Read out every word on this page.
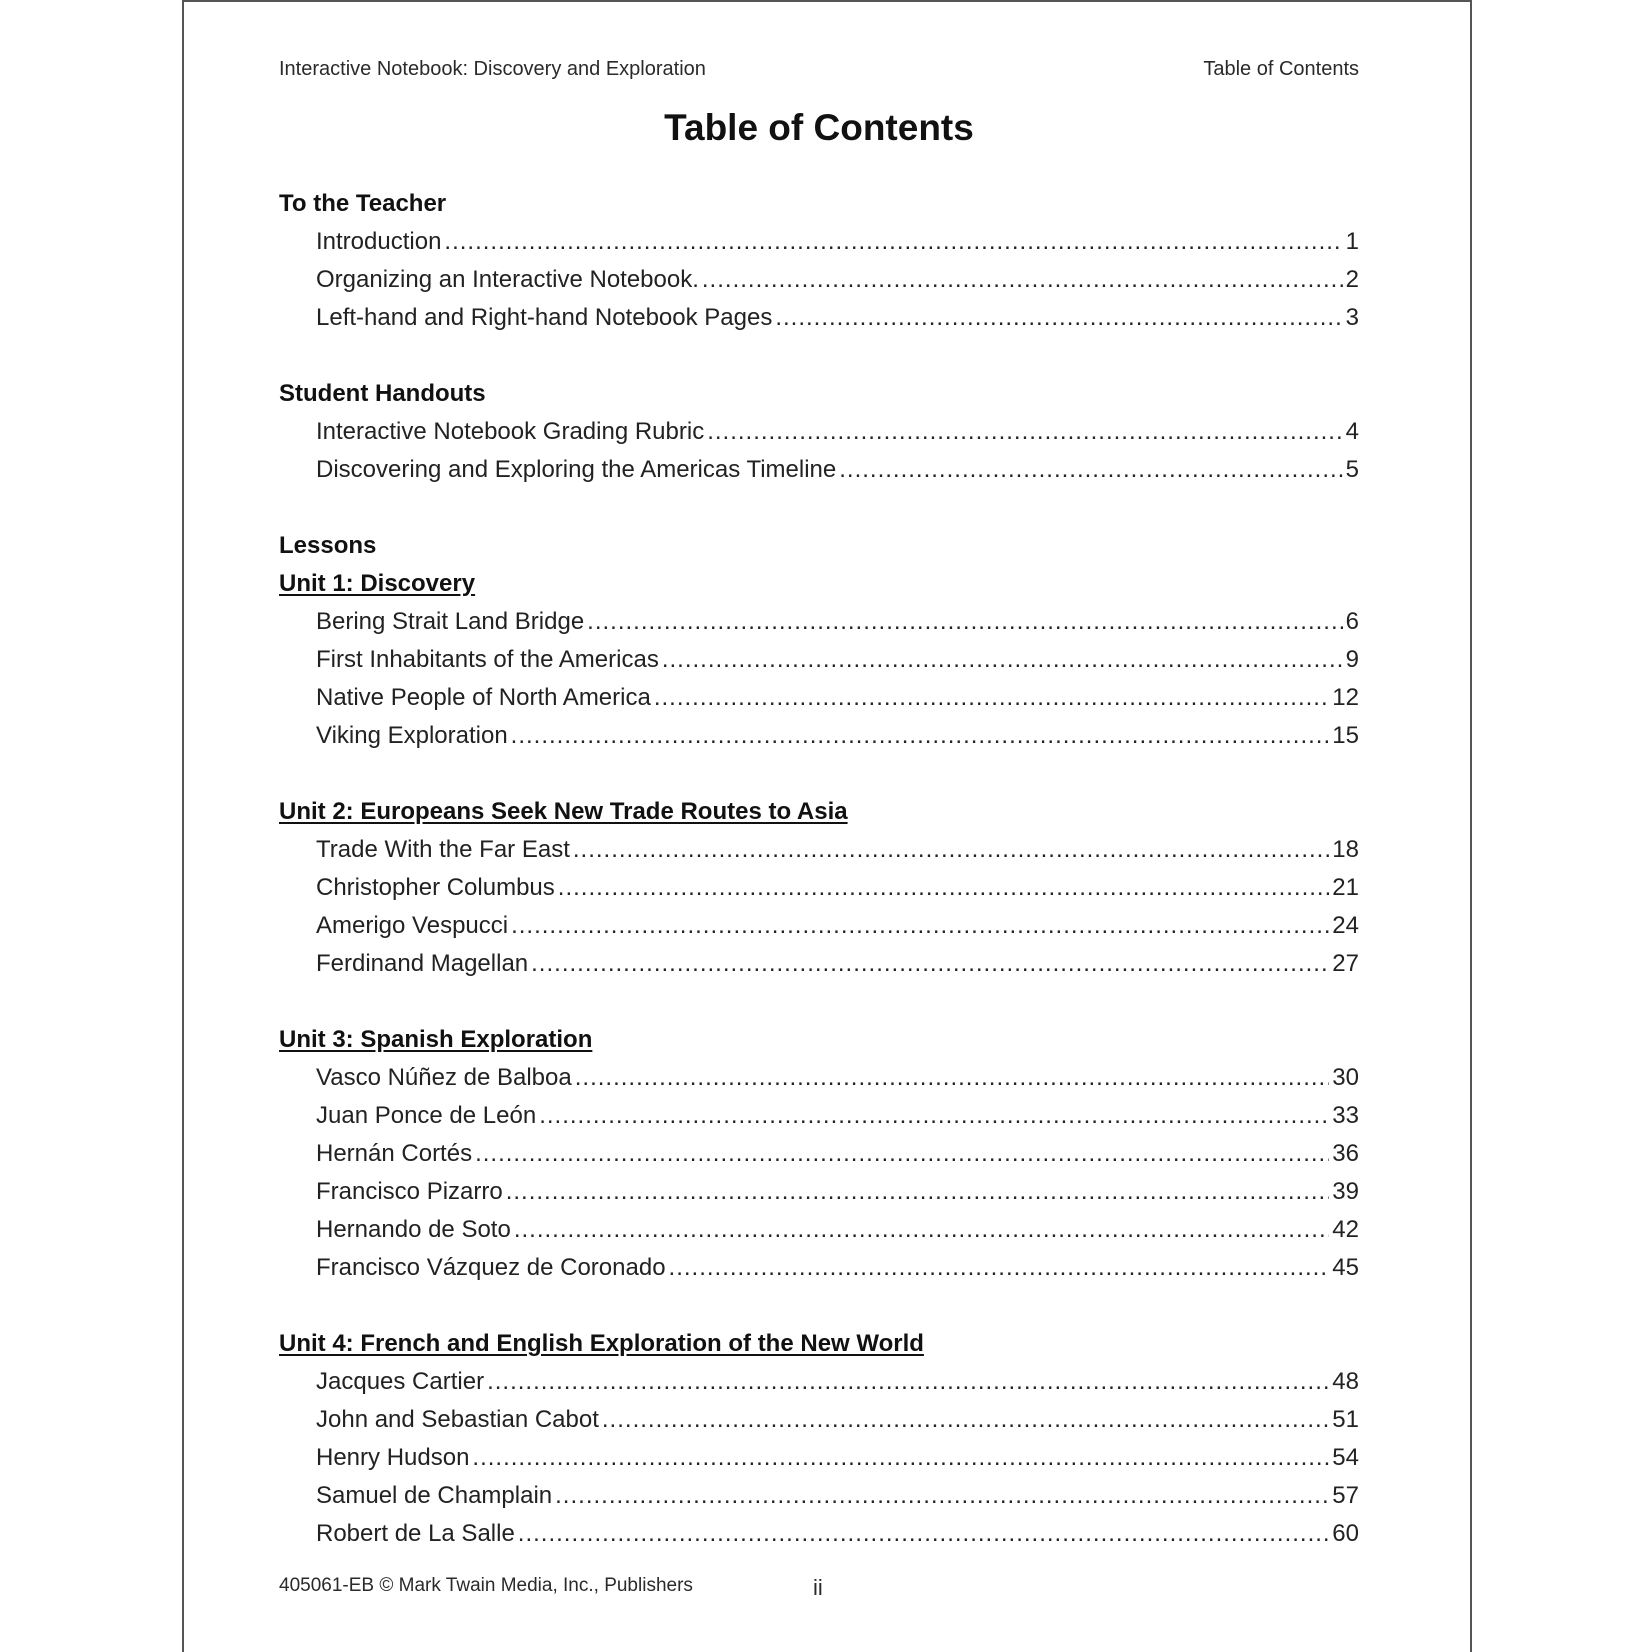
Interactive Notebook: Discovery and Exploration	Table of Contents
Table of Contents
To the Teacher
Introduction .....	1
Organizing an Interactive Notebook. .....	2
Left-hand and Right-hand Notebook Pages .....	3
Student Handouts
Interactive Notebook Grading Rubric .....	4
Discovering and Exploring the Americas Timeline .....	5
Lessons
Unit 1: Discovery
Bering Strait Land Bridge .....	6
First Inhabitants of the Americas .....	9
Native People of North America .....	12
Viking Exploration .....	15
Unit 2: Europeans Seek New Trade Routes to Asia
Trade With the Far East .....	18
Christopher Columbus .....	21
Amerigo Vespucci .....	24
Ferdinand Magellan .....	27
Unit 3: Spanish Exploration
Vasco Núñez de Balboa .....	30
Juan Ponce de León .....	33
Hernán Cortés .....	36
Francisco Pizarro .....	39
Hernando de Soto .....	42
Francisco Vázquez de Coronado .....	45
Unit 4: French and English Exploration of the New World
Jacques Cartier .....	48
John and Sebastian Cabot .....	51
Henry Hudson .....	54
Samuel de Champlain .....	57
Robert de La Salle .....	60
405061-EB © Mark Twain Media, Inc., Publishers	ii
